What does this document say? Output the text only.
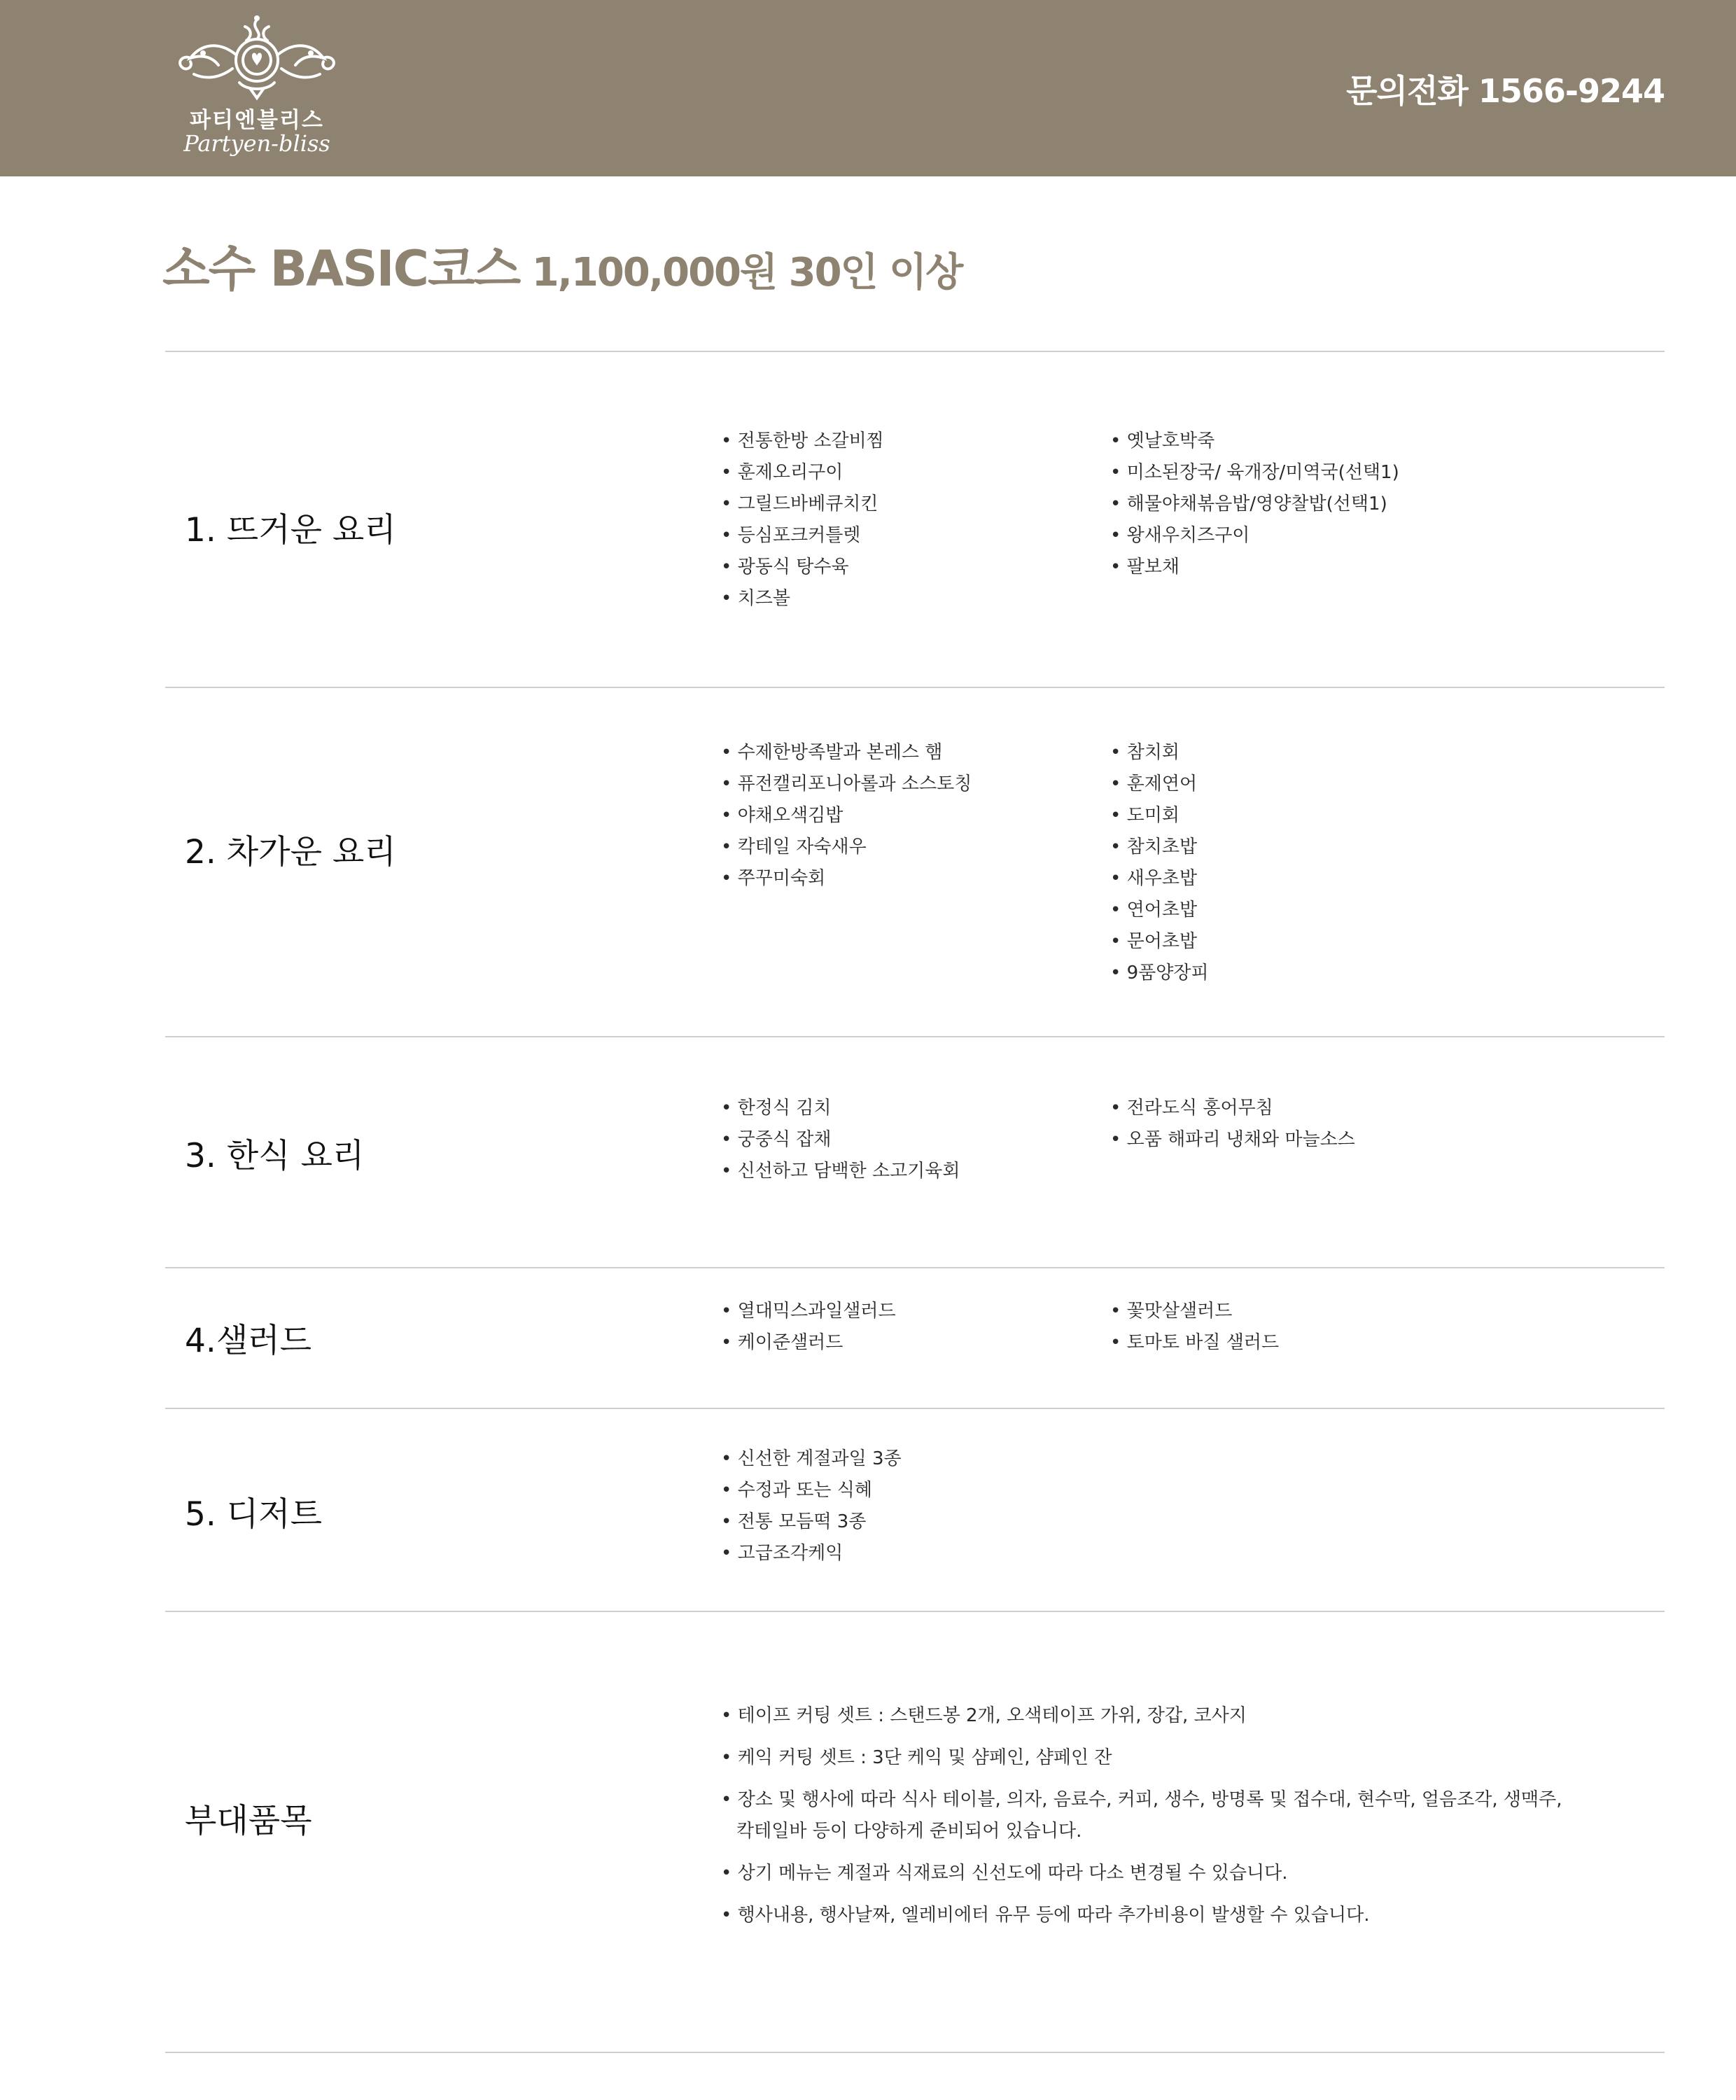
파티엔블리스
Partyen-bliss
문의전화 1566-9244
소수 BASIC코스 1,100,000원 30인 이상
1. 뜨거운 요리
• 전통한방 소갈비찜
• 훈제오리구이
• 그릴드바베큐치킨
• 등심포크커틀렛
• 광동식 탕수육
• 치즈볼
• 옛날호박죽
• 미소된장국/ 육개장/미역국(선택1)
• 해물야채볶음밥/영양찰밥(선택1)
• 왕새우치즈구이
• 팔보채
2. 차가운 요리
• 수제한방족발과 본레스 햄
• 퓨전캘리포니아롤과 소스토칭
• 야채오색김밥
• 칵테일 자숙새우
• 쭈꾸미숙회
• 참치회
• 훈제연어
• 도미회
• 참치초밥
• 새우초밥
• 연어초밥
• 문어초밥
• 9품양장피
3. 한식 요리
• 한정식 김치
• 궁중식 잡채
• 신선하고 담백한 소고기육회
• 전라도식 홍어무침
• 오품 해파리 냉채와 마늘소스
4.샐러드
• 열대믹스과일샐러드
• 케이준샐러드
• 꽃맛살샐러드
• 토마토 바질 샐러드
5. 디저트
• 신선한 계절과일 3종
• 수정과 또는 식혜
• 전통 모듬떡 3종
• 고급조각케익
부대품목
• 테이프 커팅 셋트 : 스탠드봉 2개, 오색테이프 가위, 장갑, 코사지
• 케익 커팅 셋트 : 3단 케익 및 샴페인, 샴페인 잔
• 장소 및 행사에 따라 식사 테이블, 의자, 음료수, 커피, 생수, 방명록 및 접수대, 현수막, 얼음조각, 생맥주,
칵테일바 등이 다양하게 준비되어 있습니다.
• 상기 메뉴는 계절과 식재료의 신선도에 따라 다소 변경될 수 있습니다.
• 행사내용, 행사날짜, 엘레비에터 유무 등에 따라 추가비용이 발생할 수 있습니다.
